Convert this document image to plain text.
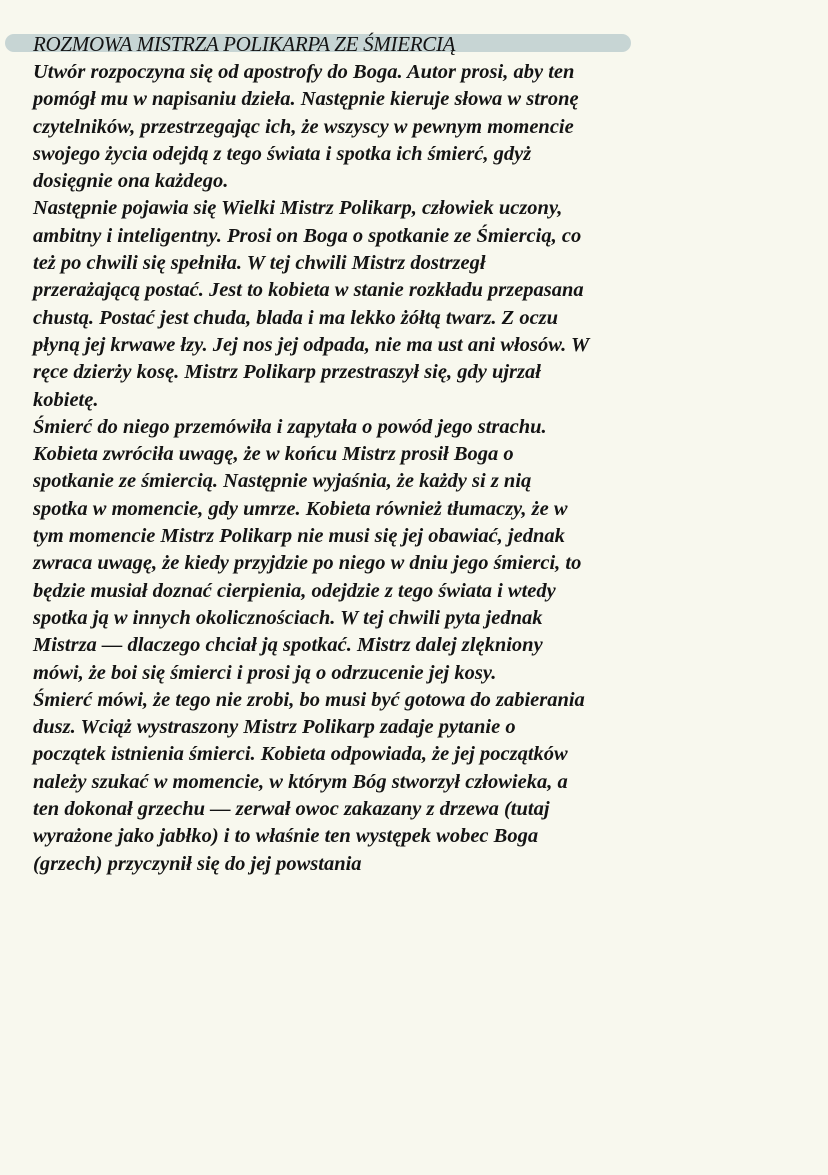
ROZMOWA MISTRZA POLIKARPA ZE ŚMIERCIĄ
Utwór rozpoczyna się od apostrofy do Boga. Autor prosi, aby ten
pomógł mu w napisaniu dzieła. Następnie kieruje słowa w stronę
czytelników, przestrzegając ich, że wszyscy w pewnym momencie
swojego życia odejdą z tego świata i spotka ich śmierć, gdyż
dosięgnie ona każdego.
Następnie pojawia się Wielki Mistrz Polikarp, człowiek uczony,
ambitny i inteligentny. Prosi on Boga o spotkanie ze Śmiercią, co
też po chwili się spełniła. W tej chwili Mistrz dostrzegł
przerażającą postać. Jest to kobieta w stanie rozkładu przepasana
chustą. Postać jest chuda, blada i ma lekko żółtą twarz. Z oczu
płyną jej krwawe łzy. Jej nos jej odpada, nie ma ust ani włosów. W
ręce dzierży kosę. Mistrz Polikarp przestraszył się, gdy ujrzał
kobietę.
Śmierć do niego przemówiła i zapytała o powód jego strachu.
Kobieta zwróciła uwagę, że w końcu Mistrz prosił Boga o
spotkanie ze śmiercią. Następnie wyjaśnia, że każdy si z nią
spotka w momencie, gdy umrze. Kobieta również tłumaczy, że w
tym momencie Mistrz Polikarp nie musi się jej obawiać, jednak
zwraca uwagę, że kiedy przyjdzie po niego w dniu jego śmierci, to
będzie musiał doznać cierpienia, odejdzie z tego świata i wtedy
spotka ją w innych okolicznościach. W tej chwili pyta jednak
Mistrza — dlaczego chciał ją spotkać. Mistrz dalej zlękniony
mówi, że boi się śmierci i prosi ją o odrzucenie jej kosy.
Śmierć mówi, że tego nie zrobi, bo musi być gotowa do zabierania
dusz. Wciąż wystraszony Mistrz Polikarp zadaje pytanie o
początek istnienia śmierci. Kobieta odpowiada, że jej początków
należy szukać w momencie, w którym Bóg stworzył człowieka, a
ten dokonał grzechu — zerwał owoc zakazany z drzewa (tutaj
wyrażone jako jabłko) i to właśnie ten występek wobec Boga
(grzech) przyczynił się do jej powstania
